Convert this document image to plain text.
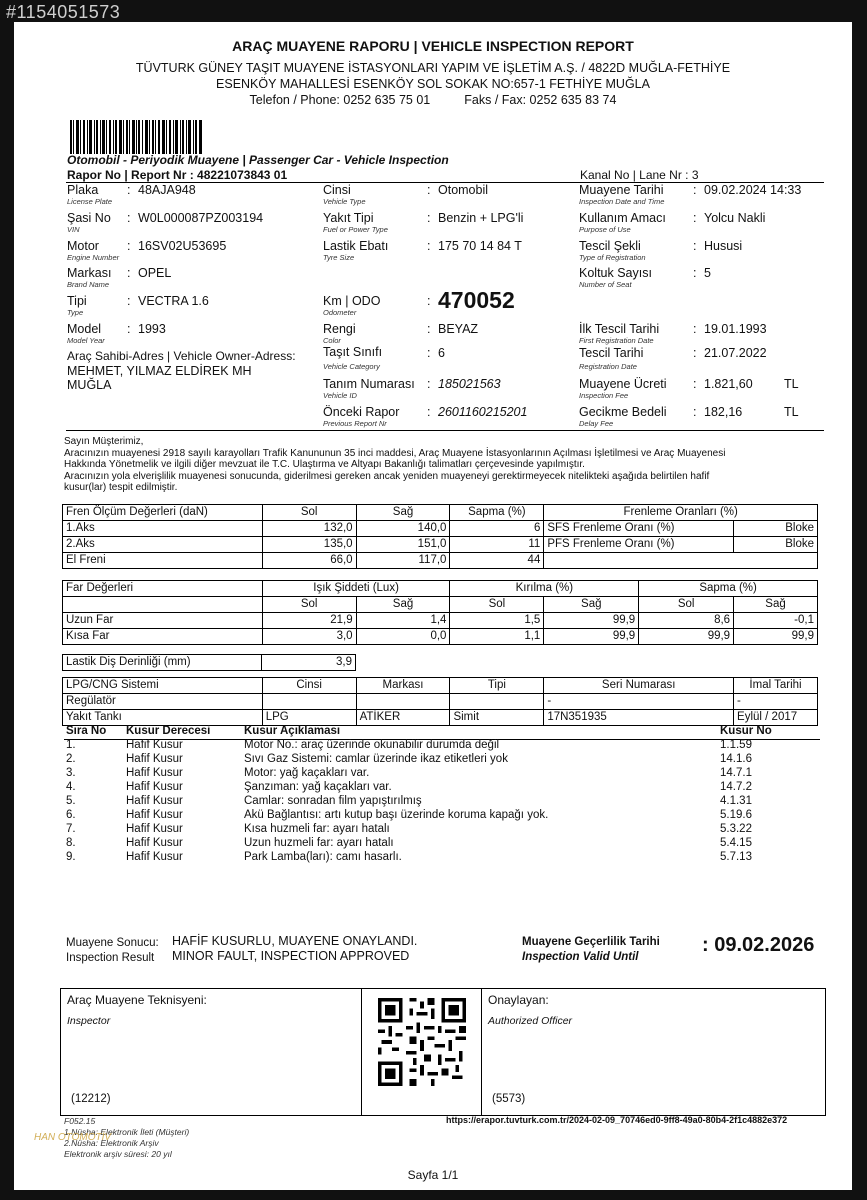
#1154051573
ARAÇ MUAYENE RAPORU | VEHICLE INSPECTION REPORT
TÜVTURK GÜNEY TAŞIT MUAYENE İSTASYONLARI YAPIM VE İŞLETİM A.Ş. / 4822D MUĞLA-FETHİYE
ESENKÖY MAHALLESİ ESENKÖY SOL SOKAK NO:657-1 FETHİYE MUĞLA
Telefon / Phone: 0252 635 75 01	Faks / Fax: 0252 635 83 74
Otomobil - Periyodik Muayene | Passenger Car - Vehicle Inspection
Rapor No | Report Nr : 48221073843 01	Kanal No | Lane Nr : 3
Plaka
License Plate
: 48AJA948
Şasi No
VIN
: W0L000087PZ003194
Motor
Engine Number
: 16SV02U53695
Markası
Brand Name
: OPEL
Tipi
Type
: VECTRA 1.6
Model
Model Year
: 1993
Araç Sahibi-Adres | Vehicle Owner-Adress:
MEHMET, YILMAZ ELDİREK MH
MUĞLA
Cinsi
Vehicle Type
: Otomobil
Yakıt Tipi
Fuel or Power Type
: Benzin + LPG'li
Lastik Ebatı
Tyre Size
: 175 70 14 84 T
Km | ODO
Odometer
: 470052
Rengi
Color
: BEYAZ
Taşıt Sınıfı
Vehicle Category
: 6
Tanım Numarası
Vehicle ID
: 185021563
Önceki Rapor
Previous Report Nr
: 2601160215201
Muayene Tarihi
Inspection Date and Time
: 09.02.2024 14:33
Kullanım Amacı
Purpose of Use
: Yolcu Nakli
Tescil Şekli
Type of Registration
: Hususi
Koltuk Sayısı
Number of Seat
: 5
İlk Tescil Tarihi
First Registration Date
: 19.01.1993
Tescil Tarihi
Registration Date
: 21.07.2022
Muayene Ücreti
Inspection Fee
: 1.821,60	TL
Gecikme Bedeli
Delay Fee
: 182,16	TL
Sayın Müşterimiz,
Aracınızın muayenesi 2918 sayılı karayolları Trafik Kanununun 35 inci maddesi, Araç Muayene İstasyonlarının Açılması İşletilmesi ve Araç Muayenesi
Hakkında Yönetmelik ve ilgili diğer mevzuat ile T.C. Ulaştırma ve Altyapı Bakanlığı talimatları çerçevesinde yapılmıştır.
Aracınızın yola elverişlilik muayenesi sonucunda, giderilmesi gereken ancak yeniden muayeneyi gerektirmeyecek nitelikteki aşağıda belirtilen hafif
kusur(lar) tespit edilmiştir.
Fren Ölçüm Değerleri (daN)	Sol	Sağ	Sapma (%)	Frenleme Oranları (%)	
1.Aks	132,0	140,0	6	SFS Frenleme Oranı (%)	Bloke
2.Aks	135,0	151,0	11	PFS Frenleme Oranı (%)	Bloke
El Freni	66,0	117,0	44		
Far Değerleri	Işık Şiddeti (Lux)		Kırılma (%)		Sapma (%)	
	Sol	Sağ	Sol	Sağ	Sol	Sağ
Uzun Far	21,9	1,4	1,5	99,9	8,6	-0,1
Kısa Far	3,0	0,0	1,1	99,9	99,9	99,9
Lastik Diş Derinliği (mm)	3,9
LPG/CNG Sistemi	Cinsi	Markası	Tipi	Seri Numarası	İmal Tarihi
Regülatör				-	-
Yakıt Tankı	LPG	ATİKER	Simit	17N351935	Eylül / 2017
Sıra No Kusur Derecesi	Kusur Açıklaması	Kusur No
1.	Hafif Kusur	Motor No.: araç üzerinde okunabilir durumda değil	1.1.59
2.	Hafif Kusur	Sıvı Gaz Sistemi: camlar üzerinde ikaz etiketleri yok	14.1.6
3.	Hafif Kusur	Motor: yağ kaçakları var.	14.7.1
4.	Hafif Kusur	Şanzıman: yağ kaçakları var.	14.7.2
5.	Hafif Kusur	Camlar: sonradan film yapıştırılmış	4.1.31
6.	Hafif Kusur	Akü Bağlantısı: artı kutup başı üzerinde koruma kapağı yok.	5.19.6
7.	Hafif Kusur	Kısa huzmeli far: ayarı hatalı	5.3.22
8.	Hafif Kusur	Uzun huzmeli far: ayarı hatalı	5.4.15
9.	Hafif Kusur	Park Lamba(ları): camı hasarlı.	5.7.13
Muayene Sonucu:
Inspection Result
HAFİF KUSURLU, MUAYENE ONAYLANDI.
MINOR FAULT, INSPECTION APPROVED
Muayene Geçerlilik Tarihi
Inspection Valid Until
: 09.02.2026
Araç Muayene Teknisyeni:
Inspector
(12212)
Onaylayan:
Authorized Officer
(5573)
https://erapor.tuvturk.com.tr/2024-02-09_70746ed0-9ff8-49a0-80b4-2f1c4882e372
F052.15
1.Nüsha: Elektronik İleti (Müşteri)
2.Nüsha: Elektronik Arşiv
Elektronik arşiv süresi: 20 yıl
HAN OTOMOTİV
Sayfa 1/1
